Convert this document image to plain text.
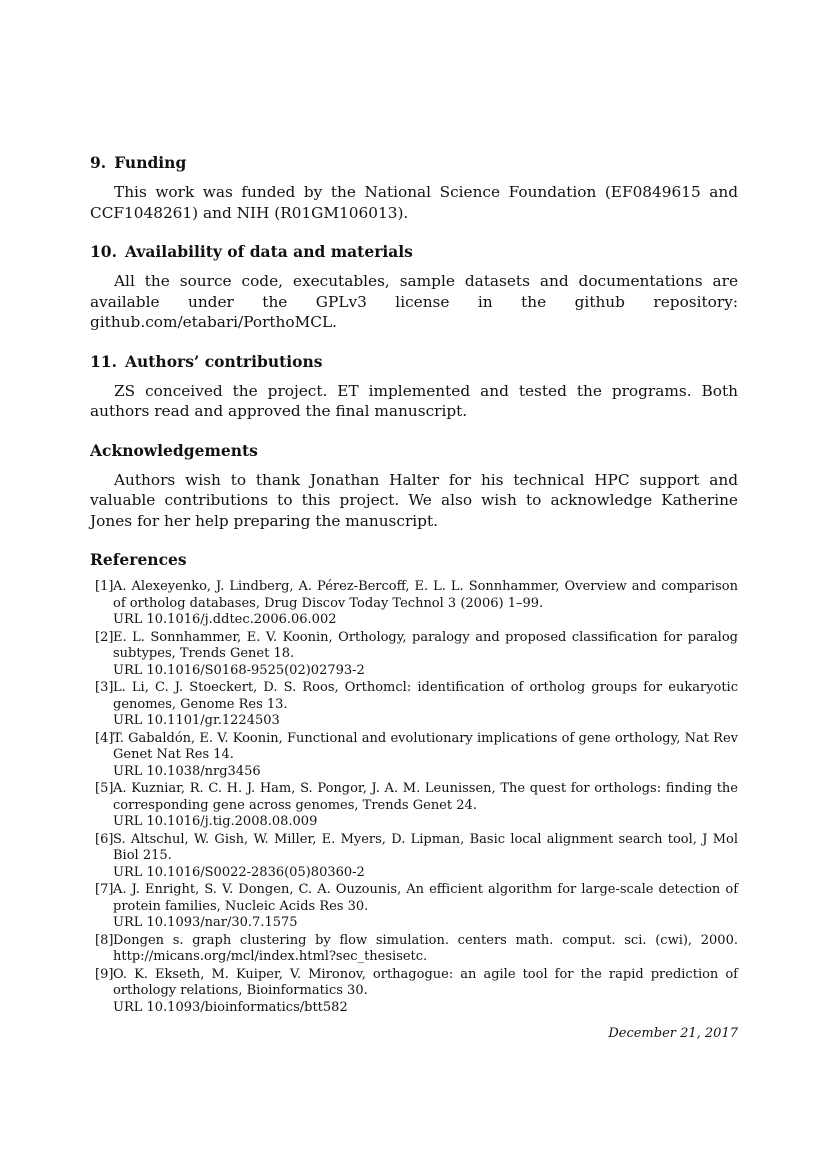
9. Funding

This work was funded by the National Science Foundation (EF0849615 and CCF1048261) and NIH (R01GM106013).

10. Availability of data and materials

All the source code, executables, sample datasets and documentations are available under the GPLv3 license in the github repository: github.com/etabari/PorthoMCL.

11. Authors’ contributions

ZS conceived the project. ET implemented and tested the programs. Both authors read and approved the final manuscript.

Acknowledgements

Authors wish to thank Jonathan Halter for his technical HPC support and valuable contributions to this project. We also wish to acknowledge Katherine Jones for her help preparing the manuscript.

References
[1] A. Alexeyenko, J. Lindberg, A. Pérez-Bercoff, E. L. L. Sonnhammer, Overview and comparison of ortholog databases, Drug Discov Today Technol 3 (2006) 1–99.
URL 10.1016/j.ddtec.2006.06.002
[2] E. L. Sonnhammer, E. V. Koonin, Orthology, paralogy and proposed classification for paralog subtypes, Trends Genet 18.
URL 10.1016/S0168-9525(02)02793-2
[3] L. Li, C. J. Stoeckert, D. S. Roos, Orthomcl: identification of ortholog groups for eukaryotic genomes, Genome Res 13.
URL 10.1101/gr.1224503
[4] T. Gabaldón, E. V. Koonin, Functional and evolutionary implications of gene orthology, Nat Rev Genet Nat Res 14.
URL 10.1038/nrg3456
[5] A. Kuzniar, R. C. H. J. Ham, S. Pongor, J. A. M. Leunissen, The quest for orthologs: finding the corresponding gene across genomes, Trends Genet 24.
URL 10.1016/j.tig.2008.08.009
[6] S. Altschul, W. Gish, W. Miller, E. Myers, D. Lipman, Basic local alignment search tool, J Mol Biol 215.
URL 10.1016/S0022-2836(05)80360-2
[7] A. J. Enright, S. V. Dongen, C. A. Ouzounis, An efficient algorithm for large-scale detection of protein families, Nucleic Acids Res 30.
URL 10.1093/nar/30.7.1575
[8] Dongen s. graph clustering by flow simulation. centers math. comput. sci. (cwi), 2000. http://micans.org/mcl/index.html?sec_thesisetc.
[9] O. K. Ekseth, M. Kuiper, V. Mironov, orthagogue: an agile tool for the rapid prediction of orthology relations, Bioinformatics 30.
URL 10.1093/bioinformatics/btt582
December 21, 2017
